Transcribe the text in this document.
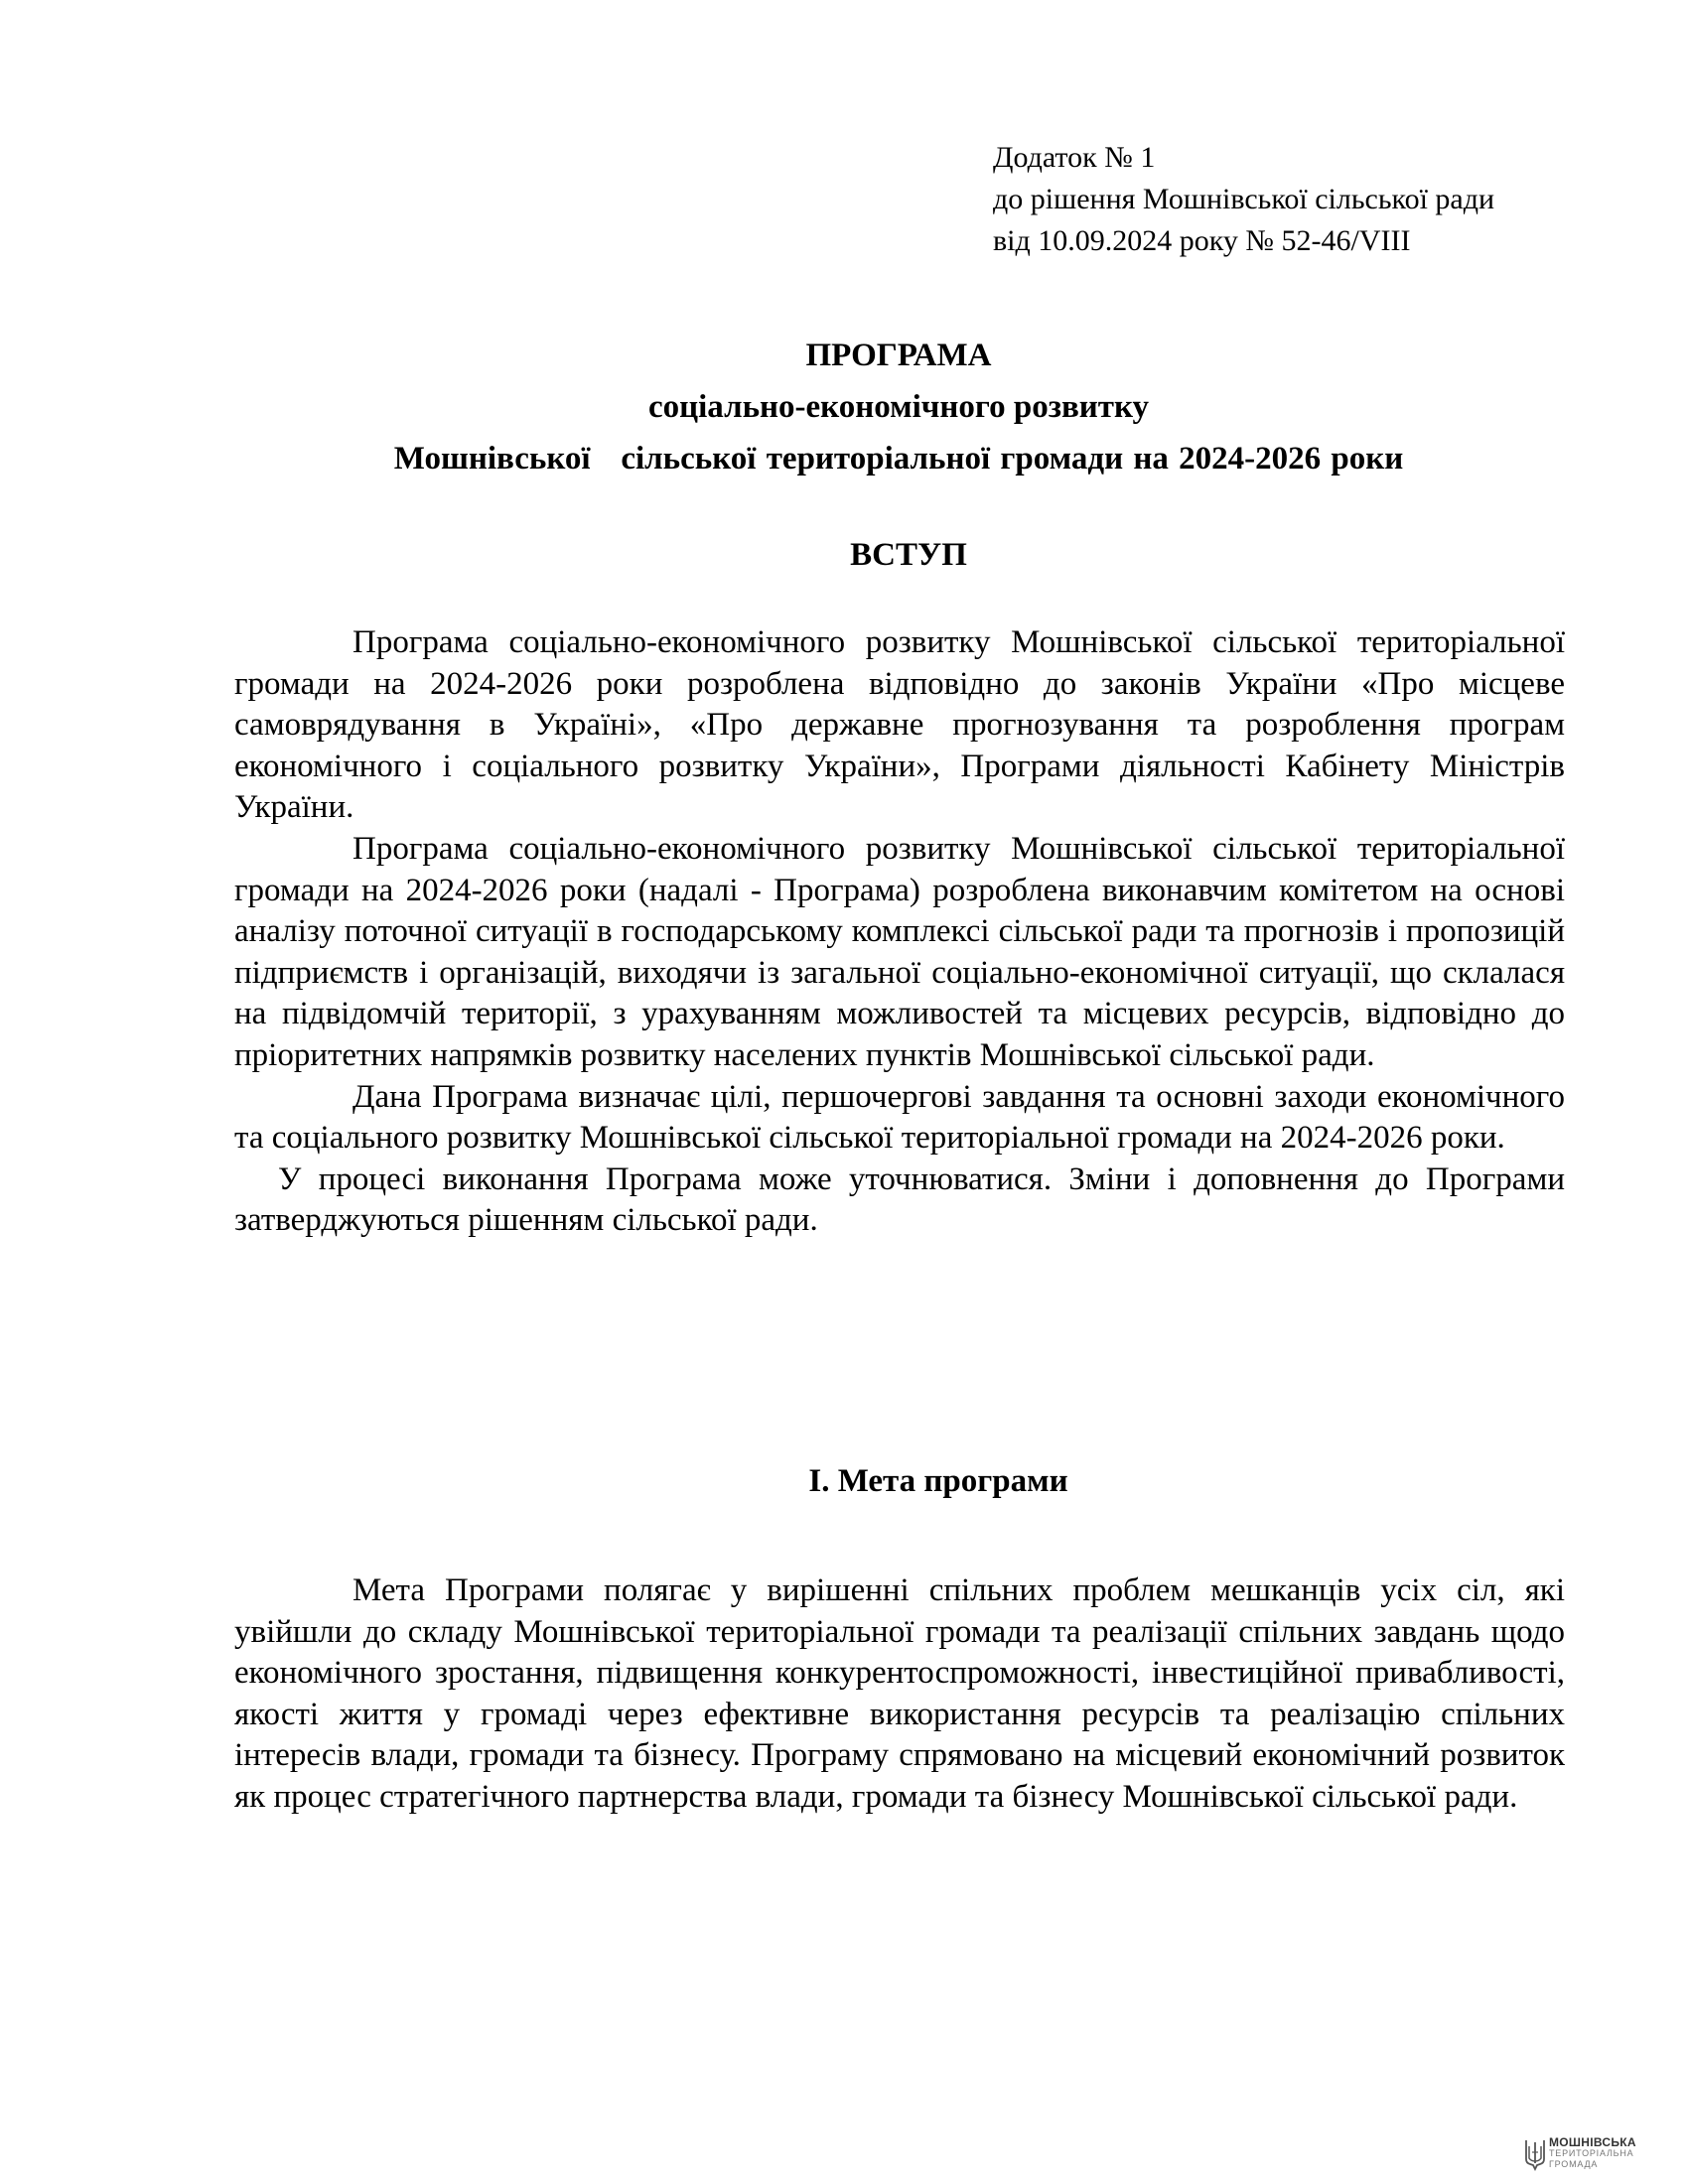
Додаток № 1
до рішення Мошнівської сільської ради
від 10.09.2024 року № 52-46/VIII
ПРОГРАМА
соціально-економічного розвитку
Мошнівської   сільської територіальної громади на 2024-2026 роки
ВСТУП

Програма соціально-економічного розвитку Мошнівської сільської територіальної громади на 2024-2026 роки розроблена відповідно до законів України «Про місцеве самоврядування в Україні», «Про державне прогнозування та розроблення програм економічного і соціального розвитку України», Програми діяльності Кабінету Міністрів України.

Програма соціально-економічного розвитку Мошнівської сільської територіальної громади на 2024-2026 роки (надалі - Програма) розроблена виконавчим комітетом на основі аналізу поточної ситуації в господарському комплексі сільської ради та прогнозів і пропозицій підприємств і організацій, виходячи із загальної соціально-економічної ситуації, що склалася на підвідомчій території, з урахуванням можливостей та місцевих ресурсів, відповідно до пріоритетних напрямків розвитку населених пунктів Мошнівської сільської ради.

Дана Програма визначає цілі, першочергові завдання та основні заходи економічного та соціального розвитку Мошнівської сільської територіальної громади на 2024-2026 роки.

У процесі виконання Програма може уточнюватися. Зміни і доповнення до Програми затверджуються рішенням сільської ради.

І. Мета програми

Мета Програми полягає у вирішенні спільних проблем мешканців усіх сіл, які увійшли до складу Мошнівської територіальної громади та реалізації спільних завдань щодо економічного зростання, підвищення конкурентоспроможності, інвестиційної привабливості, якості життя у громаді через ефективне використання ресурсів та реалізацію спільних інтересів влади, громади та бізнесу. Програму спрямовано на місцевий економічний розвиток як процес стратегічного партнерства влади, громади та бізнесу Мошнівської сільської ради.

МОШНІВСЬКА
ТЕРИТОРІАЛЬНА
ГРОМАДА
